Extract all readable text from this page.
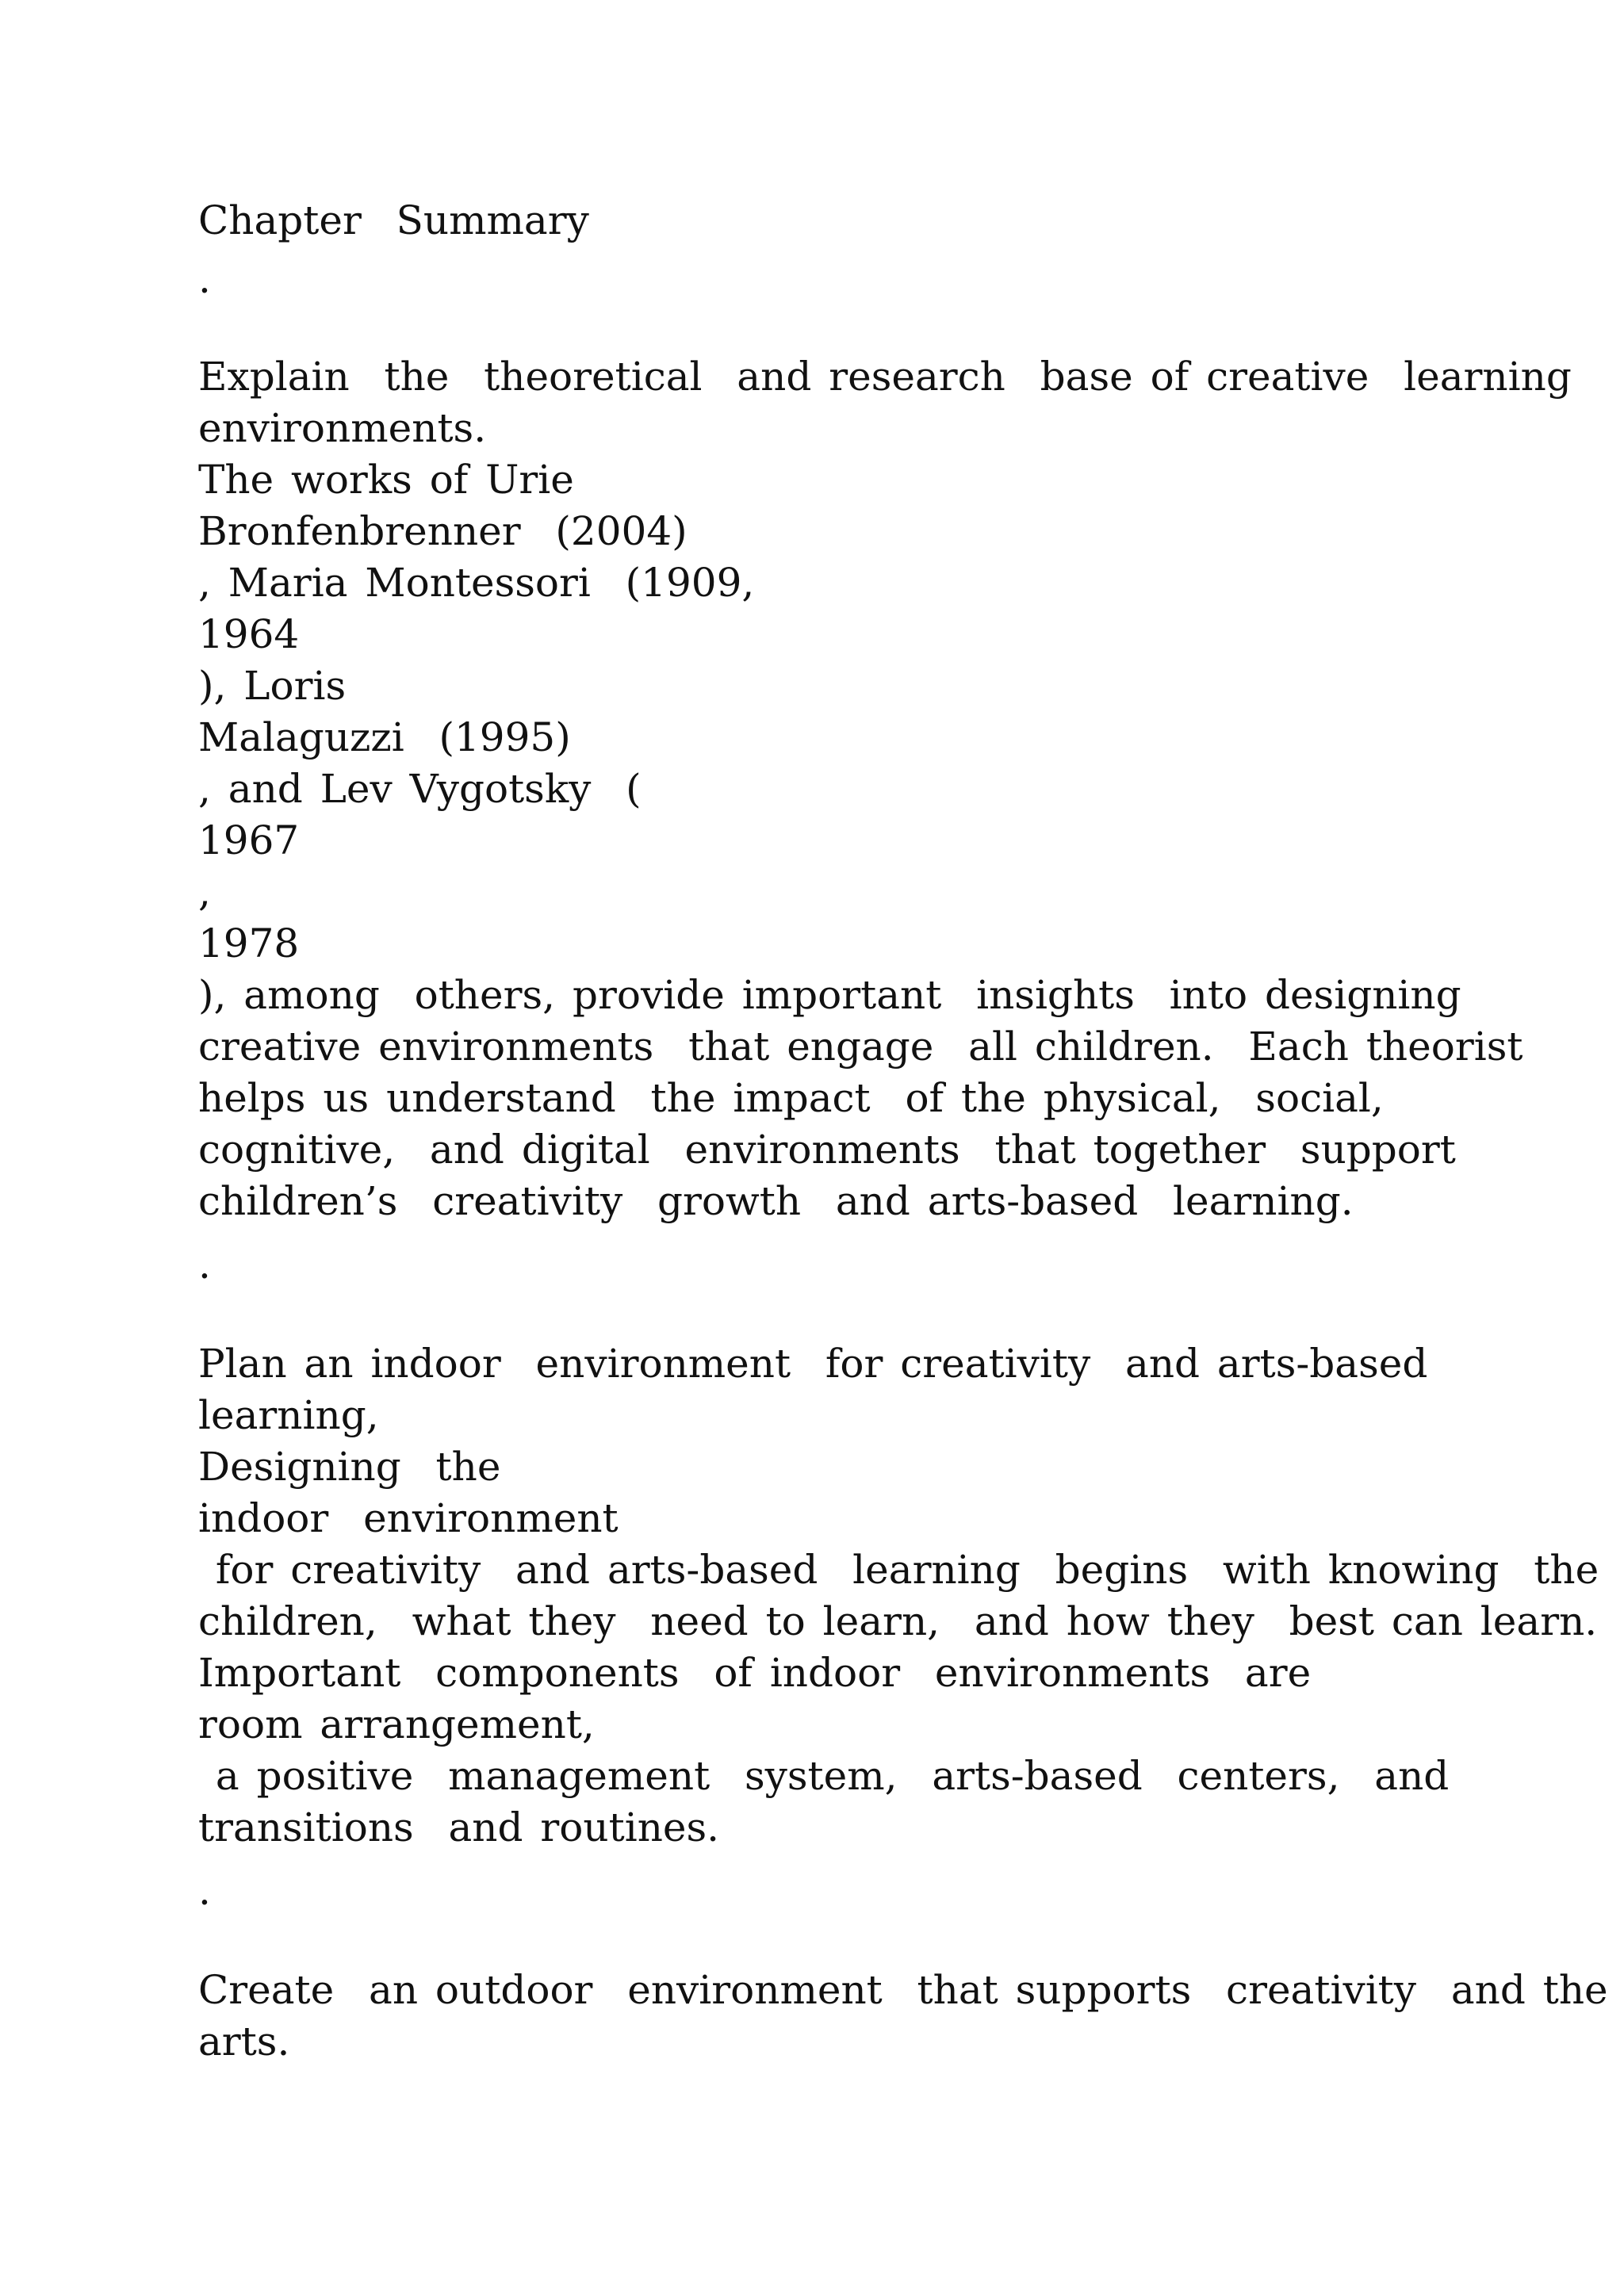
Chapter  Summary

.

Explain  the  theoretical  and research  base of creative  learning

environments.

The works of Urie

Bronfenbrenner  (2004)

, Maria Montessori  (1909,

1964

), Loris

Malaguzzi  (1995)

, and Lev Vygotsky  (

1967

,

1978

), among  others, provide important  insights  into designing

creative environments  that engage  all children.  Each theorist

helps us understand  the impact  of the physical,  social,

cognitive,  and digital  environments  that together  support

children’s  creativity  growth  and arts-based  learning.

.

Plan an indoor  environment  for creativity  and arts-based

learning,

Designing  the

indoor  environment

for creativity  and arts-based  learning  begins  with knowing  the

children,  what they  need to learn,  and how they  best can learn.

Important  components  of indoor  environments  are

room arrangement,

a positive  management  system,  arts-based  centers,  and

transitions  and routines.

.

Create  an outdoor  environment  that supports  creativity  and the

arts.
